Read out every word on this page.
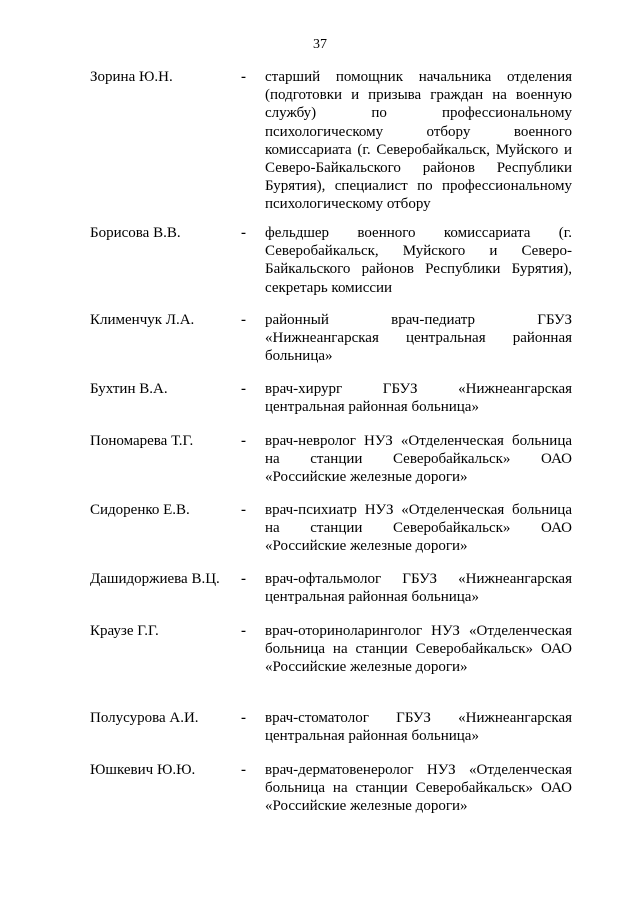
37
Зорина Ю.Н.	- старший помощник начальника отделения (подготовки и призыва граждан на военную службу) по профессиональному психологическому отбору военного комиссариата (г. Северобайкальск, Муйского и Северо-Байкальского районов Республики Бурятия), специалист по профессиональному психологическому отбору
Борисова В.В.	- фельдшер военного комиссариата (г. Северобайкальск, Муйского и Северо-Байкальского районов Республики Бурятия), секретарь комиссии
Клименчук Л.А.	- районный врач-педиатр ГБУЗ «Нижнеангарская центральная районная больница»
Бухтин В.А.	- врач-хирург ГБУЗ «Нижнеангарская центральная районная больница»
Пономарева Т.Г.	- врач-невролог НУЗ «Отделенческая больница на станции Северобайкальск» ОАО «Российские железные дороги»
Сидоренко Е.В.	- врач-психиатр НУЗ «Отделенческая больница на станции Северобайкальск» ОАО «Российские железные дороги»
Дашидоржиева В.Ц. - врач-офтальмолог ГБУЗ «Нижнеангарская центральная районная больница»
Краузе Г.Г.	- врач-оториноларинголог НУЗ «Отделенческая больница на станции Северобайкальск» ОАО «Российские железные дороги»
Полусурова А.И.	- врач-стоматолог ГБУЗ «Нижнеангарская центральная районная больница»
Юшкевич Ю.Ю.	- врач-дерматовенеролог НУЗ «Отделенческая больница на станции Северобайкальск» ОАО «Российские железные дороги»
